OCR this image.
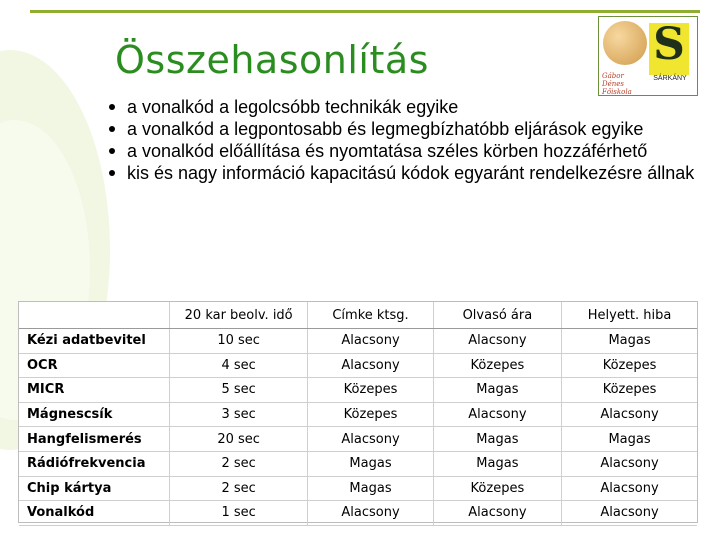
Összehasonlítás	Gábor Dénes Főiskola
S
SÁRKÁNY
a vonalkód a legolcsóbb technikák egyike
a vonalkód a legpontosabb és legmegbízhatóbb eljárások egyike
a vonalkód előállítása és nyomtatása széles körben hozzáférhető
kis és nagy információ kapacitású kódok egyaránt rendelkezésre állnak
	20 kar beolv. idő	Címke ktsg.	Olvasó ára	Helyett. hiba
Kézi adatbevitel	10 sec	Alacsony	Alacsony	Magas
OCR	4 sec	Alacsony	Közepes	Közepes
MICR	5 sec	Közepes	Magas	Közepes
Mágnescsík	3 sec	Közepes	Alacsony	Alacsony
Hangfelismerés	20 sec	Alacsony	Magas	Magas
Rádiófrekvencia	2 sec	Magas	Magas	Alacsony
Chip kártya	2 sec	Magas	Közepes	Alacsony
Vonalkód	1 sec	Alacsony	Alacsony	Alacsony
